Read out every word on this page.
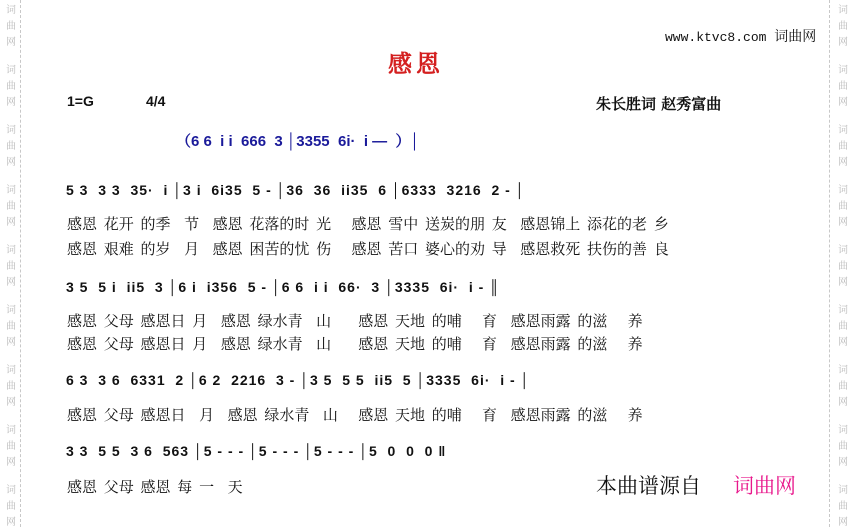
词
曲
网
词
曲
网
词
曲
网
词
曲
网
词
曲
网
词
曲
网
词
曲
网
词
曲
网
词
曲
网
词
曲
网
词
曲
网
词
曲
网
词
曲
网
词
曲
网
词
曲
网
词
曲
网
词
曲
网
词
曲
网
www.ktvc8.com 词曲网
感恩
1=G	4/4	朱长胜词 赵秀富曲
（6 6  i i  666  3 │3355  6i·  i —  ）│
5 3  3 3  35·  i │3 i  6i35  5 ‐ │36  36  ii35  6 │6333  3216  2 ‐ │
感恩 花开 的季  节  感恩 花落的时 光   感恩 雪中 送炭的朋 友  感恩锦上 添花的老 乡
感恩 艰难 的岁  月  感恩 困苦的忧 伤   感恩 苦口 婆心的劝 导  感恩救死 扶伤的善 良
3 5  5 i  ii5  3 │6 i  i356  5 ‐ │6 6  i i  66·  3 │3335  6i·  i ‐ ║
感恩 父母 感恩日 月  感恩 绿水青  山    感恩 天地 的哺   育  感恩雨露 的滋   养
感恩 父母 感恩日 月  感恩 绿水青  山    感恩 天地 的哺   育  感恩雨露 的滋   养
6 3  3 6  6331  2 │6 2  2216  3 ‐ │3 5  5 5  ii5  5 │3335  6i·  i ‐ │
感恩 父母 感恩日  月  感恩 绿水青  山   感恩 天地 的哺   育  感恩雨露 的滋   养
3 3  5 5  3 6  563 │5 ‐ ‐ ‐ │5 ‐ ‐ ‐ │5 ‐ ‐ ‐ │5  0  0  0 ‖
感恩 父母 感恩 每 一  天	本曲谱源自 词曲网
